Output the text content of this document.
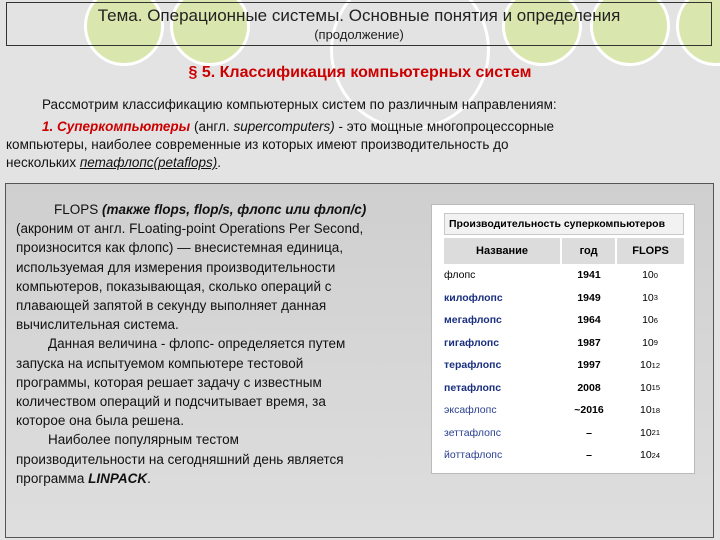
Тема. Операционные системы. Основные понятия и определения
(продолжение)
§ 5. Классификация компьютерных систем
Рассмотрим классификацию компьютерных систем по различным направлениям:
1. Суперкомпьютеры (англ. supercomputers) - это мощные многопроцессорные
компьютеры, наиболее современные из которых имеют производительность до
нескольких петафлопс(petaflops).
FLOPS (также flops, flop/s, флопс или флоп/с)
(акроним от англ. FLoating-point Operations Per Second,
произносится как флопс) — внесистемная единица,
используемая для измерения производительности
компьютеров, показывающая, сколько операций с
плавающей запятой в секунду выполняет данная
вычислительная система.
Данная величина - флопс- определяется путем
запуска на испытуемом компьютере тестовой
программы, которая решает задачу с известным
количеством операций и подсчитывает время, за
которое она была решена.
Наиболее популярным тестом
производительности на сегодняшний день является
программа LINPACK.
Производительность суперкомпьютеров
Название	год	FLOPS
флопс	1941	10 0
килофлопс	1949	10 3
мегафлопс	1964	10 6
гигафлопс	1987	10 9
терафлопс	1997	10 12
петафлопс	2008	10 15
эксафлопс	~2016	10 18
зеттафлопс	–	10 21
йоттафлопс	–	10 24
